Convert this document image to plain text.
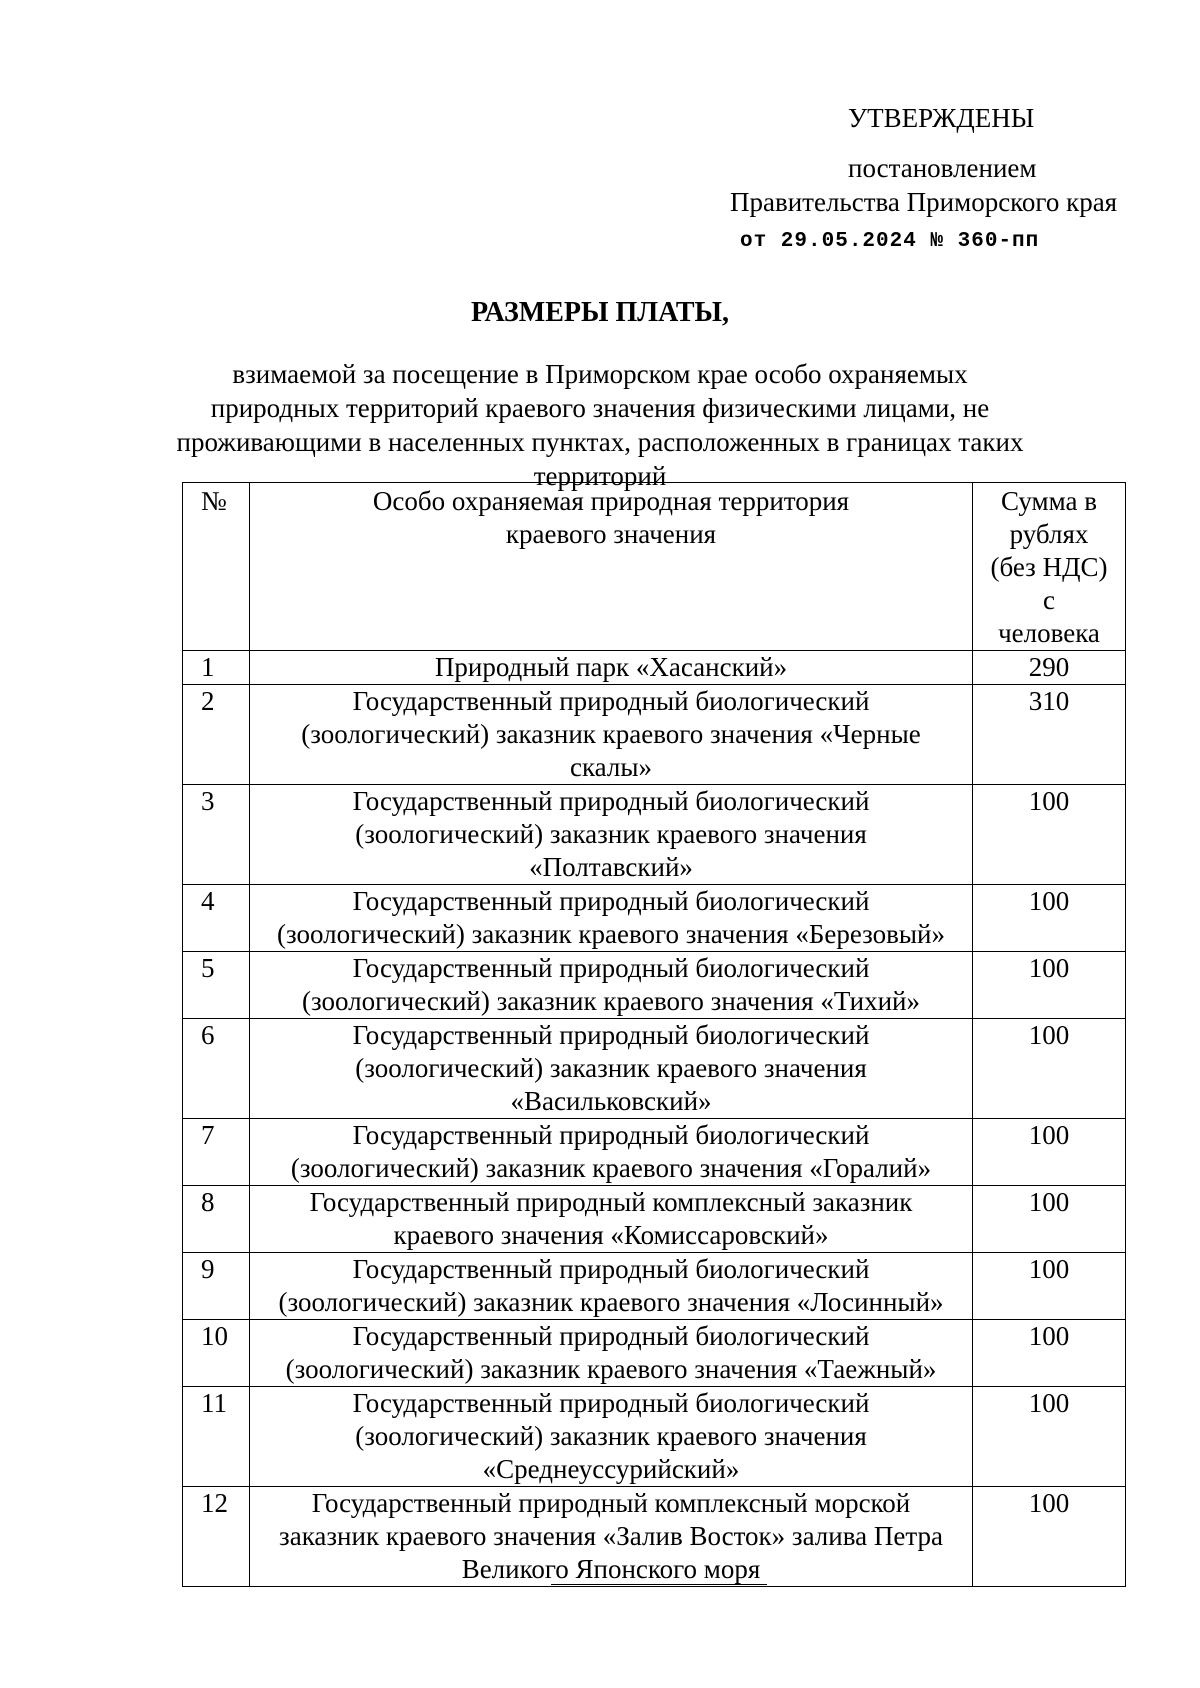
УТВЕРЖДЕНЫ
постановлением
Правительства Приморского края
от 29.05.2024 № 360-пп
РАЗМЕРЫ ПЛАТЫ,
взимаемой за посещение в Приморском крае особо охраняемых природных территорий краевого значения физическими лицами, не проживающими в населенных пунктах, расположенных в границах таких территорий
№	Особо охраняемая природная территория краевого значения	Сумма в рублях (без НДС) с человека

1	Природный парк «Хасанский»	290
2	Государственный природный биологический (зоологический) заказник краевого значения «Черные скалы»	310
3	Государственный природный биологический (зоологический) заказник краевого значения «Полтавский»	100
4	Государственный природный биологический (зоологический) заказник краевого значения «Березовый»	100
5	Государственный природный биологический (зоологический) заказник краевого значения «Тихий»	100
6	Государственный природный биологический (зоологический) заказник краевого значения «Васильковский»	100
7	Государственный природный биологический (зоологический) заказник краевого значения «Горалий»	100
8	Государственный природный комплексный заказник краевого значения «Комиссаровский»	100
9	Государственный природный биологический (зоологический) заказник краевого значения «Лосинный»	100
10	Государственный природный биологический (зоологический) заказник краевого значения «Таежный»	100
11	Государственный природный биологический (зоологический) заказник краевого значения «Среднеуссурийский»	100
12	Государственный природный комплексный морской заказник краевого значения «Залив Восток» залива Петра Великого Японского моря	100
